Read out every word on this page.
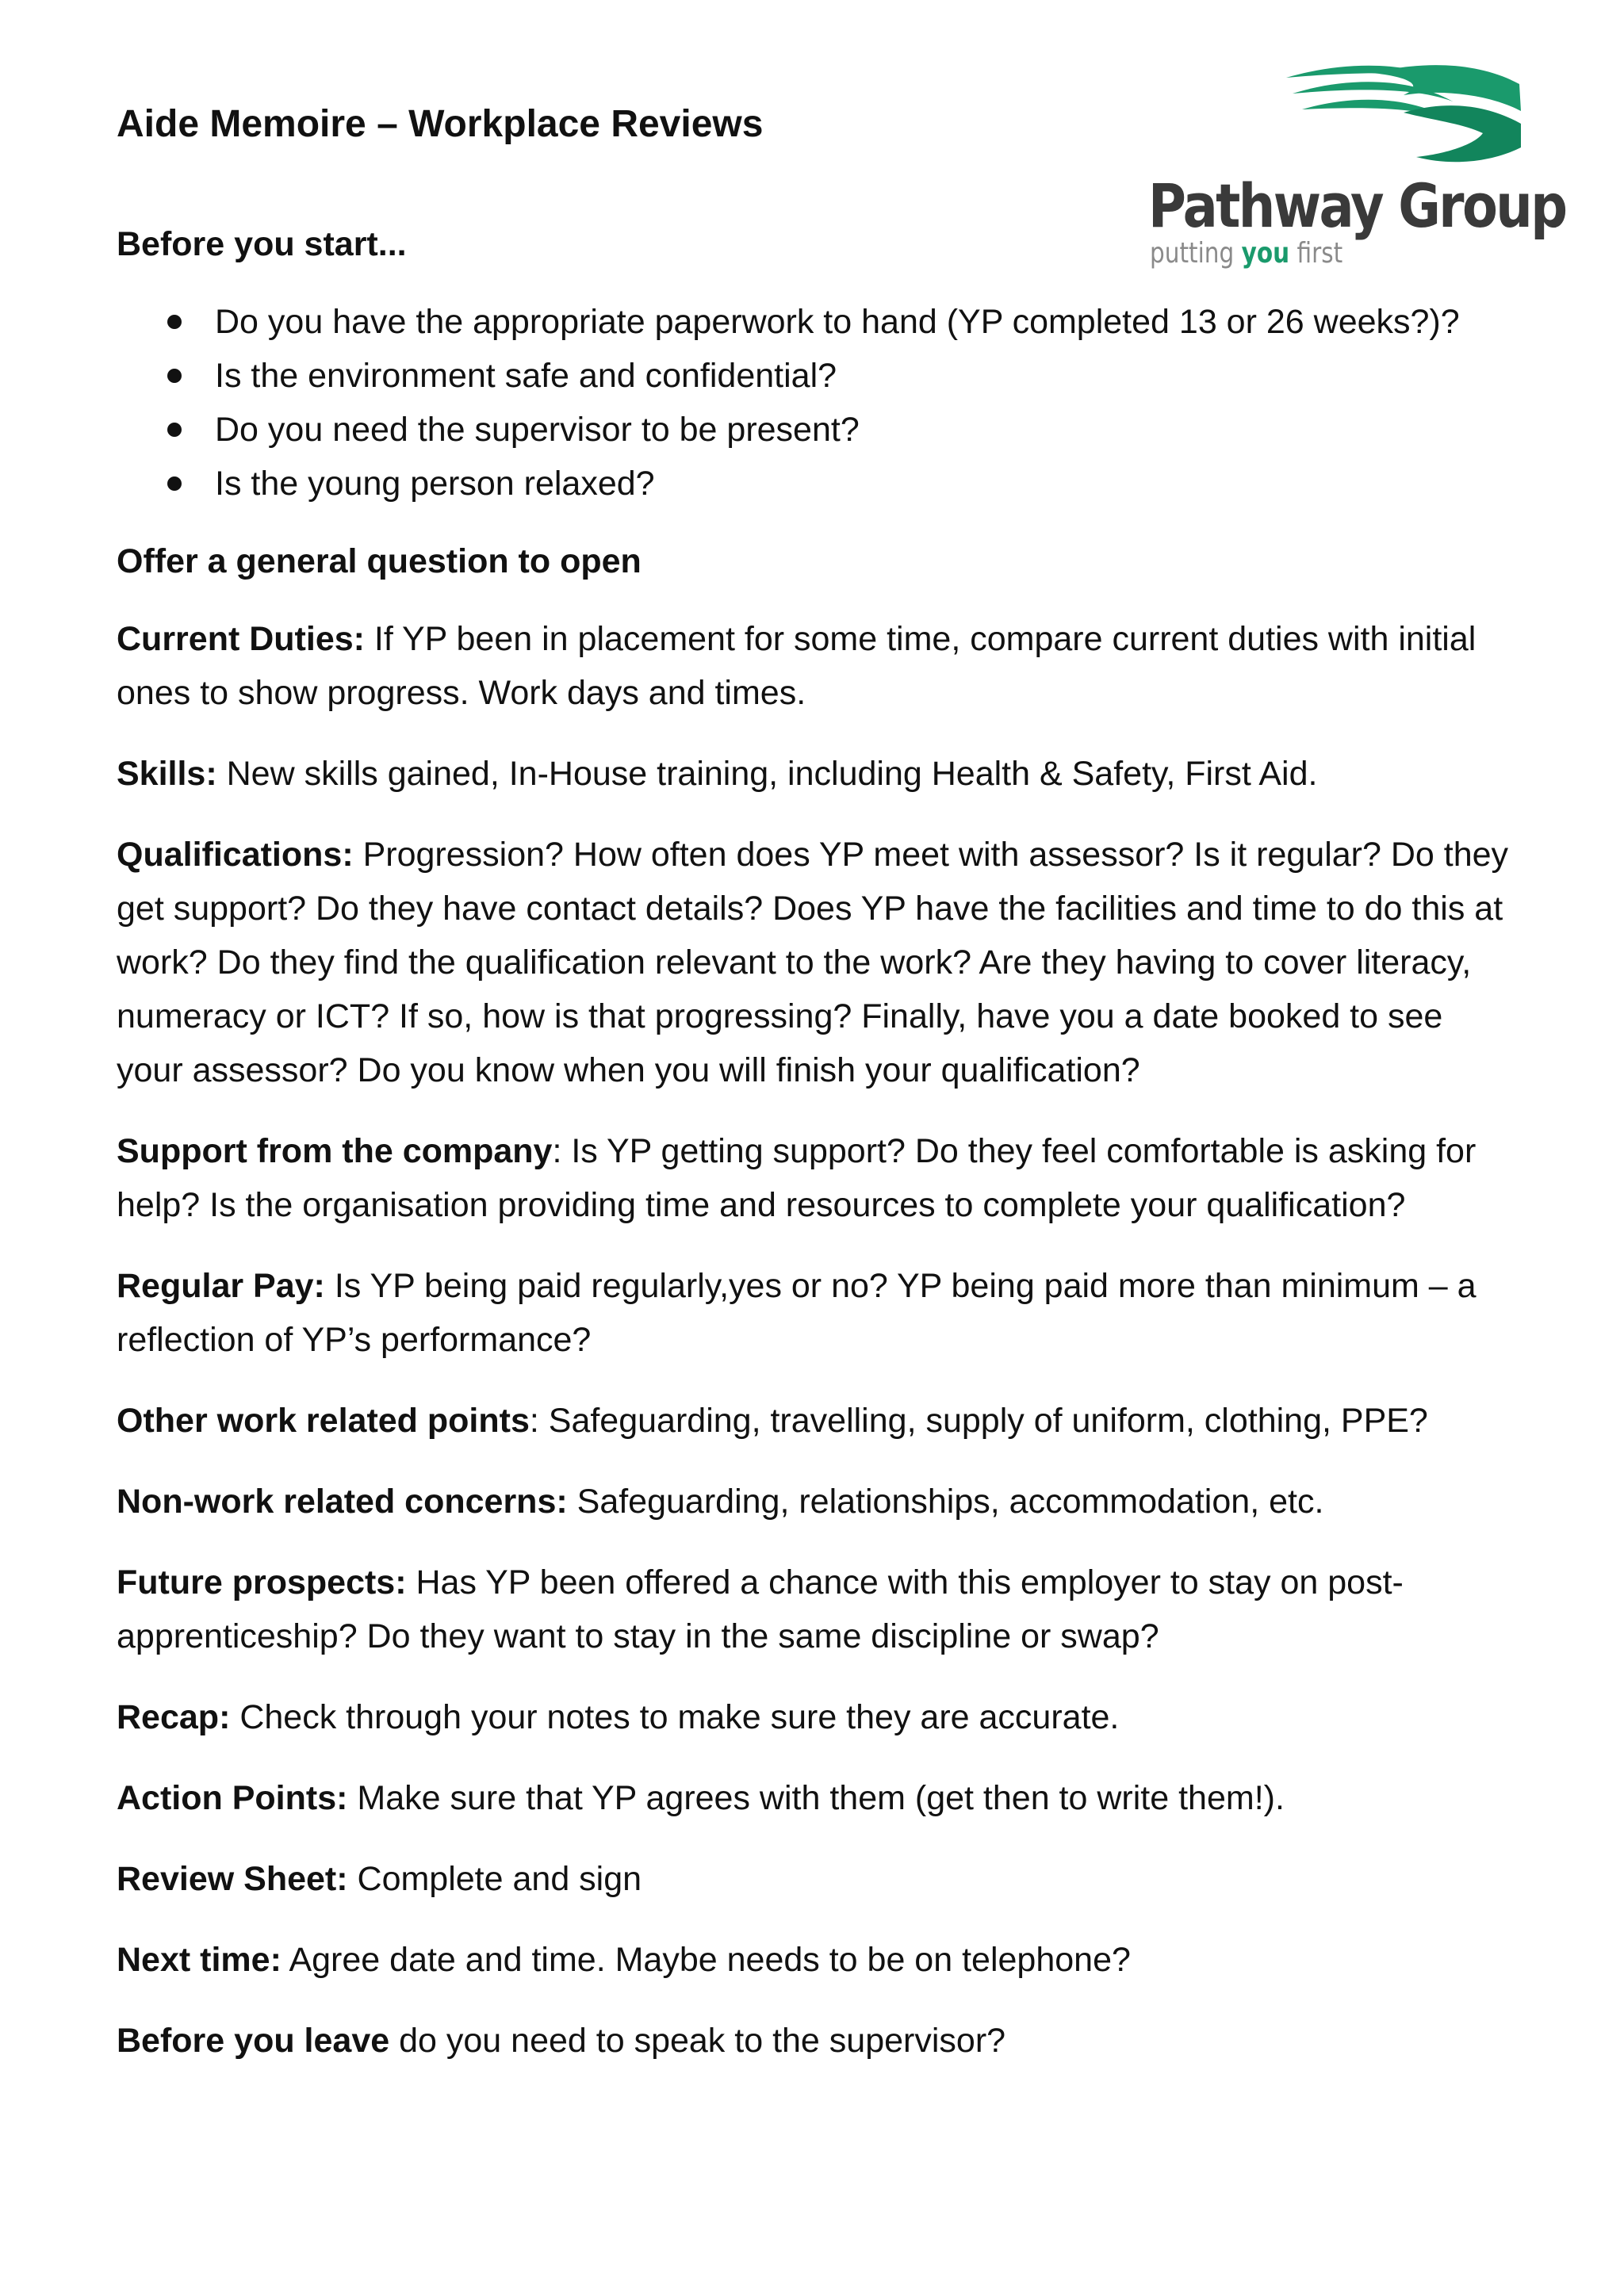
Aide Memoire – Workplace Reviews
Pathway Group
putting you first

Before you start...

Do you have the appropriate paperwork to hand (YP completed 13 or 26 weeks?)?
Is the environment safe and confidential?
Do you need the supervisor to be present?
Is the young person relaxed?

Offer a general question to open

Current Duties: If YP been in placement for some time, compare current duties with initial ones to show progress. Work days and times.

Skills: New skills gained, In-House training, including Health & Safety, First Aid.

Qualifications: Progression? How often does YP meet with assessor? Is it regular? Do they get support? Do they have contact details? Does YP have the facilities and time to do this at work? Do they find the qualification relevant to the work? Are they having to cover literacy, numeracy or ICT? If so, how is that progressing? Finally, have you a date booked to see your assessor? Do you know when you will finish your qualification?

Support from the company: Is YP getting support? Do they feel comfortable is asking for help? Is the organisation providing time and resources to complete your qualification?

Regular Pay: Is YP being paid regularly,yes or no? YP being paid more than minimum – a reflection of YP’s performance?

Other work related points: Safeguarding, travelling, supply of uniform, clothing, PPE?

Non-work related concerns: Safeguarding, relationships, accommodation, etc.

Future prospects: Has YP been offered a chance with this employer to stay on post-apprenticeship? Do they want to stay in the same discipline or swap?

Recap: Check through your notes to make sure they are accurate.

Action Points: Make sure that YP agrees with them (get then to write them!).

Review Sheet: Complete and sign

Next time: Agree date and time. Maybe needs to be on telephone?

Before you leave do you need to speak to the supervisor?
